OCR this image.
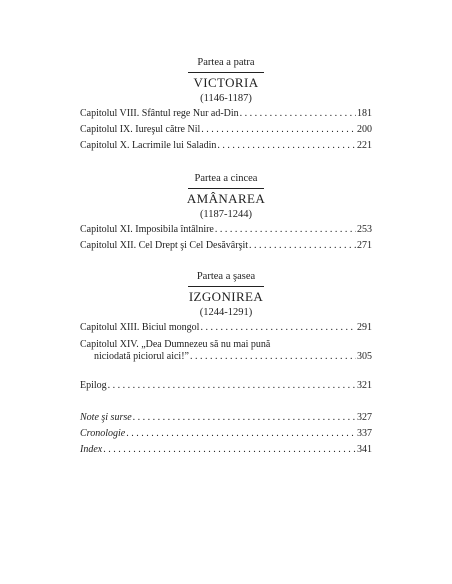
Partea a patra
VICTORIA
(1146-1187)
Capitolul VIII. Sfântul rege Nur ad-Din . . .	181
Capitolul IX. Iureşul către Nil . . .	200
Capitolul X. Lacrimile lui Saladin . . .	221
Partea a cincea
AMÂNAREA
(1187-1244)
Capitolul XI. Imposibila întâlnire . . .	253
Capitolul XII. Cel Drept şi Cel Desăvârşit . . .	271
Partea a şasea
IZGONIREA
(1244-1291)
Capitolul XIII. Biciul mongol . . .	291
Capitolul XIV. „Dea Dumnezeu să nu mai pună
niciodată piciorul aici!” . . .	305
Epilog . . .	321
Note şi surse . . .	327
Cronologie . . .	337
Index . . .	341
